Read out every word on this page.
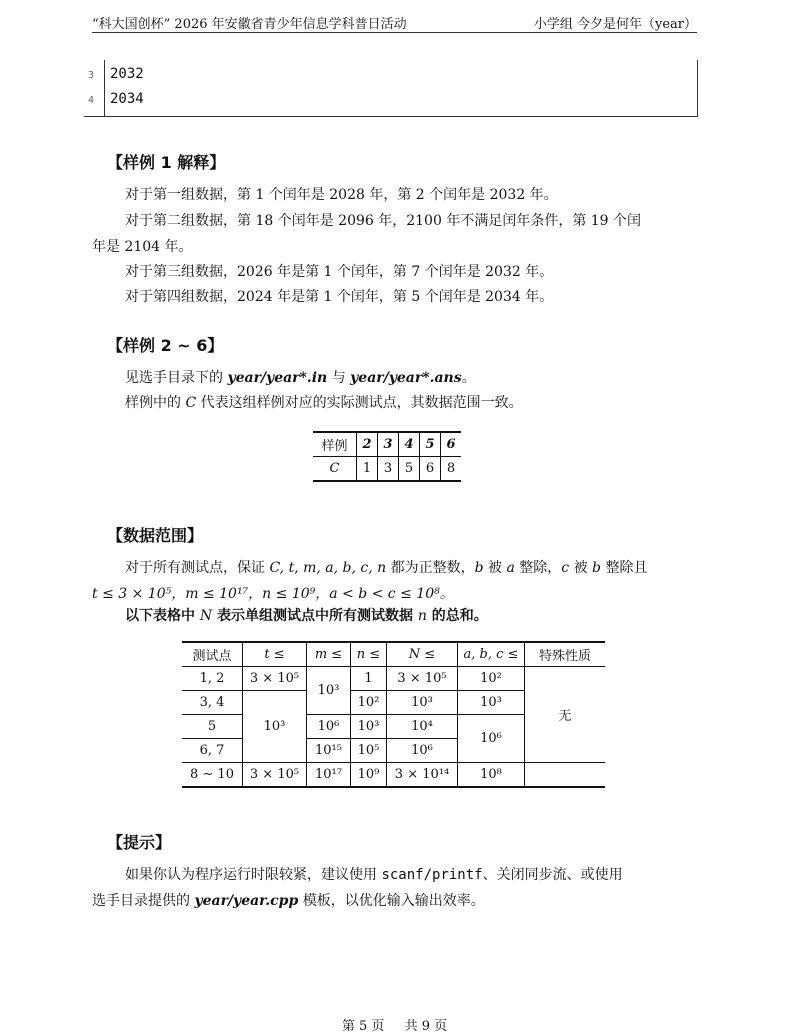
“科大国创杯” 2026 年安徽省青少年信息学科普日活动	小学组 今夕是何年（year）
3 2032
4 2034
【样例 1 解释】
对于第一组数据，第 1 个闰年是 2028 年，第 2 个闰年是 2032 年。
对于第二组数据，第 18 个闰年是 2096 年，2100 年不满足闰年条件，第 19 个闰
年是 2104 年。
对于第三组数据，2026 年是第 1 个闰年，第 7 个闰年是 2032 年。
对于第四组数据，2024 年是第 1 个闰年，第 5 个闰年是 2034 年。
【样例 2 ∼ 6】
见选手目录下的 year/year*.in 与 year/year*.ans。
样例中的 C 代表这组样例对应的实际测试点，其数据范围一致。
样例	2	3	4	5	6
C	1	3	5	6	8
【数据范围】
对于所有测试点，保证 C, t, m, a, b, c, n 都为正整数，b 被 a 整除，c 被 b 整除且
t ≤ 3 × 10⁵，m ≤ 10¹⁷，n ≤ 10⁹，a < b < c ≤ 10⁸。
以下表格中 N 表示单组测试点中所有测试数据 n 的总和。
测试点	t ≤	m ≤	n ≤	N ≤	a, b, c ≤	特殊性质
1, 2	3 × 10⁵	10³	1	3 × 10⁵	10²	无
3, 4	10³		10²	10³	10³	
5		10⁶	10³	10⁴	10⁶	
6, 7		10¹⁵	10⁵	10⁶		
8 ∼ 10	3 × 10⁵	10¹⁷	10⁹	3 × 10¹⁴	10⁸	
【提示】
如果你认为程序运行时限较紧，建议使用 scanf/printf、关闭同步流、或使用
选手目录提供的 year/year.cpp 模板，以优化输入输出效率。
第 5 页 共 9 页
